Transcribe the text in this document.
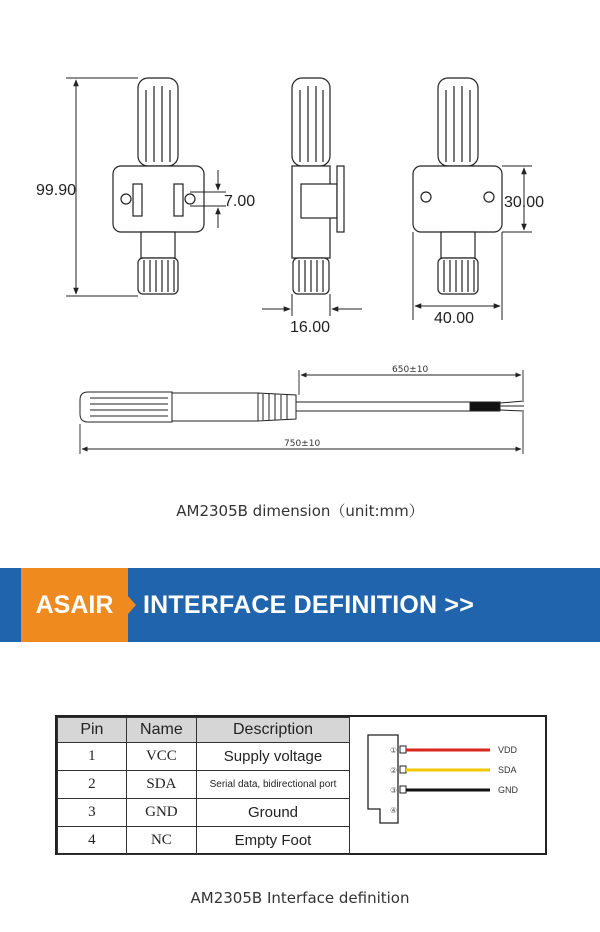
99.90
7.00
16.00
30.00
40.00
650±10
750±10
AM2305B dimension（unit:mm）
ASAIR	INTERFACE DEFINITION >>
Pin	Name	Description
1	VCC	Supply voltage
2	SDA	Serial data, bidirectional port
3	GND	Ground
4	NC	Empty Foot
①
②
③
④
VDD
SDA
GND
AM2305B Interface definition
